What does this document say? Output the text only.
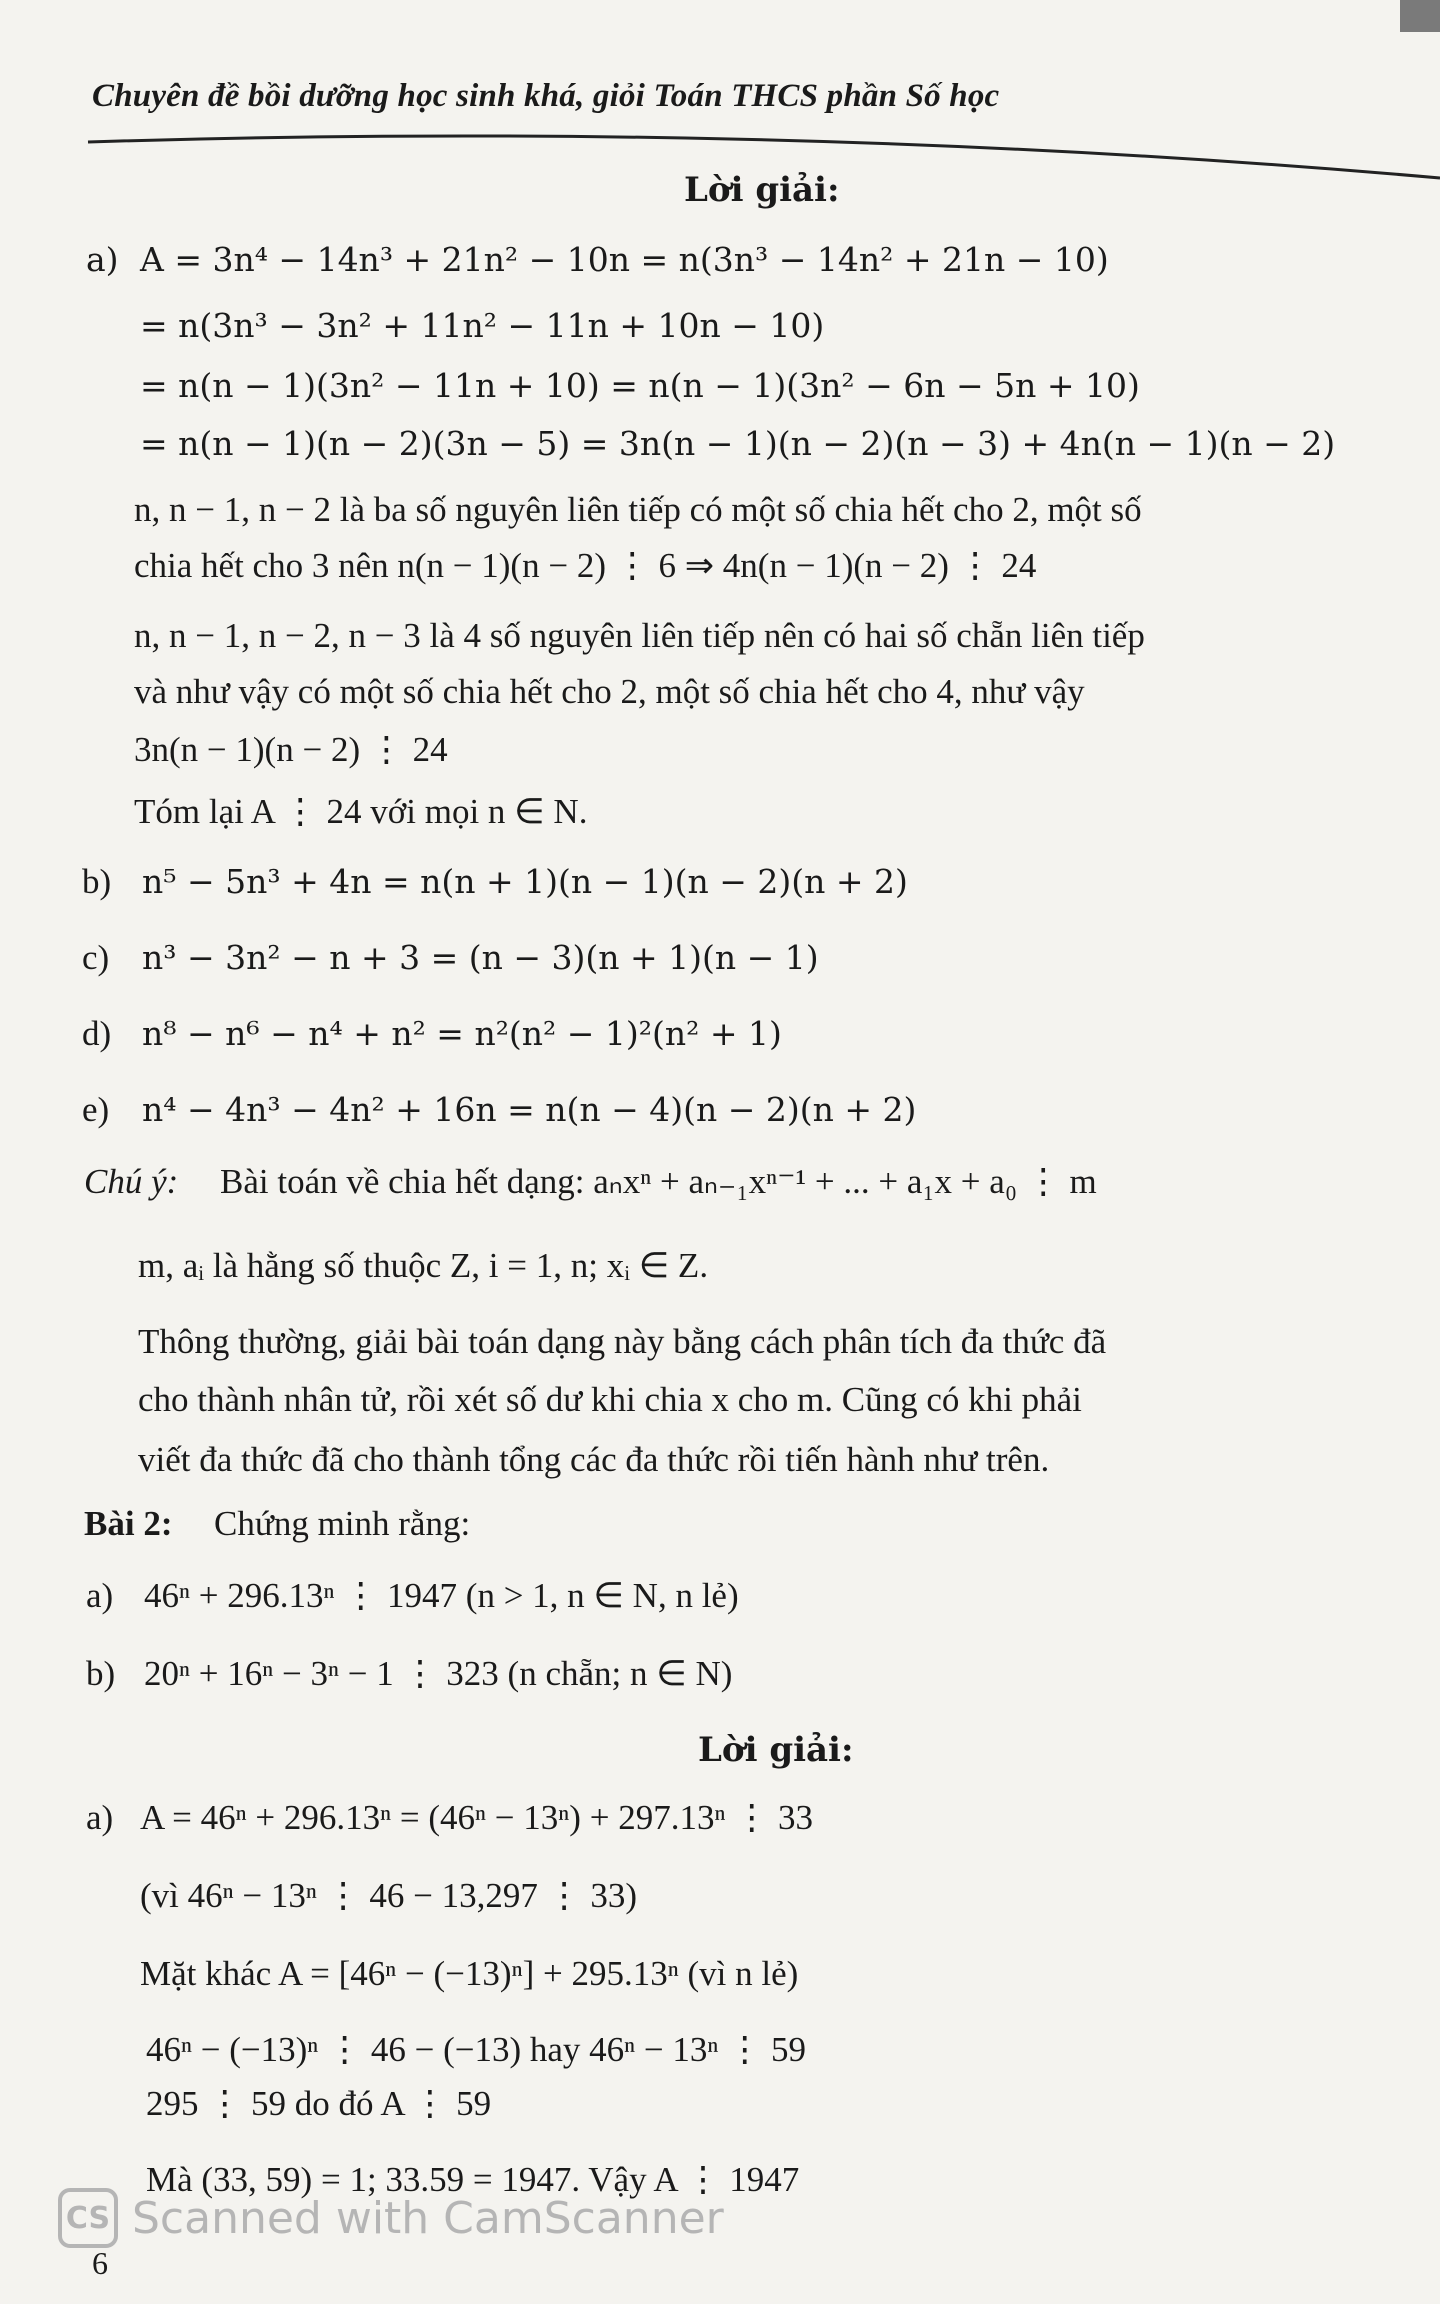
Chuyên đề bồi dưỡng học sinh khá, giỏi Toán THCS phần Số học
Lời giải:
a) A = 3n⁴ − 14n³ + 21n² − 10n = n(3n³ − 14n² + 21n − 10)
= n(3n³ − 3n² + 11n² − 11n + 10n − 10)
= n(n − 1)(3n² − 11n + 10) = n(n − 1)(3n² − 6n − 5n + 10)
= n(n − 1)(n − 2)(3n − 5) = 3n(n − 1)(n − 2)(n − 3) + 4n(n − 1)(n − 2)
n, n − 1, n − 2 là ba số nguyên liên tiếp có một số chia hết cho 2, một số
chia hết cho 3 nên n(n − 1)(n − 2) ⋮ 6 ⇒ 4n(n − 1)(n − 2) ⋮ 24
n, n − 1, n − 2, n − 3 là 4 số nguyên liên tiếp nên có hai số chẵn liên tiếp
và như vậy có một số chia hết cho 2, một số chia hết cho 4, như vậy
3n(n − 1)(n − 2) ⋮ 24
Tóm lại A ⋮ 24 với mọi n ∈ N.
b) n⁵ − 5n³ + 4n = n(n + 1)(n − 1)(n − 2)(n + 2)
c) n³ − 3n² − n + 3 = (n − 3)(n + 1)(n − 1)
d) n⁸ − n⁶ − n⁴ + n² = n²(n² − 1)²(n² + 1)
e) n⁴ − 4n³ − 4n² + 16n = n(n − 4)(n − 2)(n + 2)
Chú ý: Bài toán về chia hết dạng: aₙxⁿ + aₙ₋₁xⁿ⁻¹ + ... + a₁x + a₀ ⋮ m
m, aᵢ là hằng số thuộc Z, i = 1, n; xᵢ ∈ Z.
Thông thường, giải bài toán dạng này bằng cách phân tích đa thức đã
cho thành nhân tử, rồi xét số dư khi chia x cho m. Cũng có khi phải
viết đa thức đã cho thành tổng các đa thức rồi tiến hành như trên.
Bài 2: Chứng minh rằng:
a) 46ⁿ + 296.13ⁿ ⋮ 1947 (n > 1, n ∈ N, n lẻ)
b) 20ⁿ + 16ⁿ − 3ⁿ − 1 ⋮ 323 (n chẵn; n ∈ N)
Lời giải:
a) A = 46ⁿ + 296.13ⁿ = (46ⁿ − 13ⁿ) + 297.13ⁿ ⋮ 33
(vì 46ⁿ − 13ⁿ ⋮ 46 − 13,297 ⋮ 33)
Mặt khác A = [46ⁿ − (−13)ⁿ] + 295.13ⁿ (vì n lẻ)
46ⁿ − (−13)ⁿ ⋮ 46 − (−13) hay 46ⁿ − 13ⁿ ⋮ 59
295 ⋮ 59 do đó A ⋮ 59
Mà (33, 59) = 1; 33.59 = 1947. Vậy A ⋮ 1947
CS Scanned with CamScanner
6
